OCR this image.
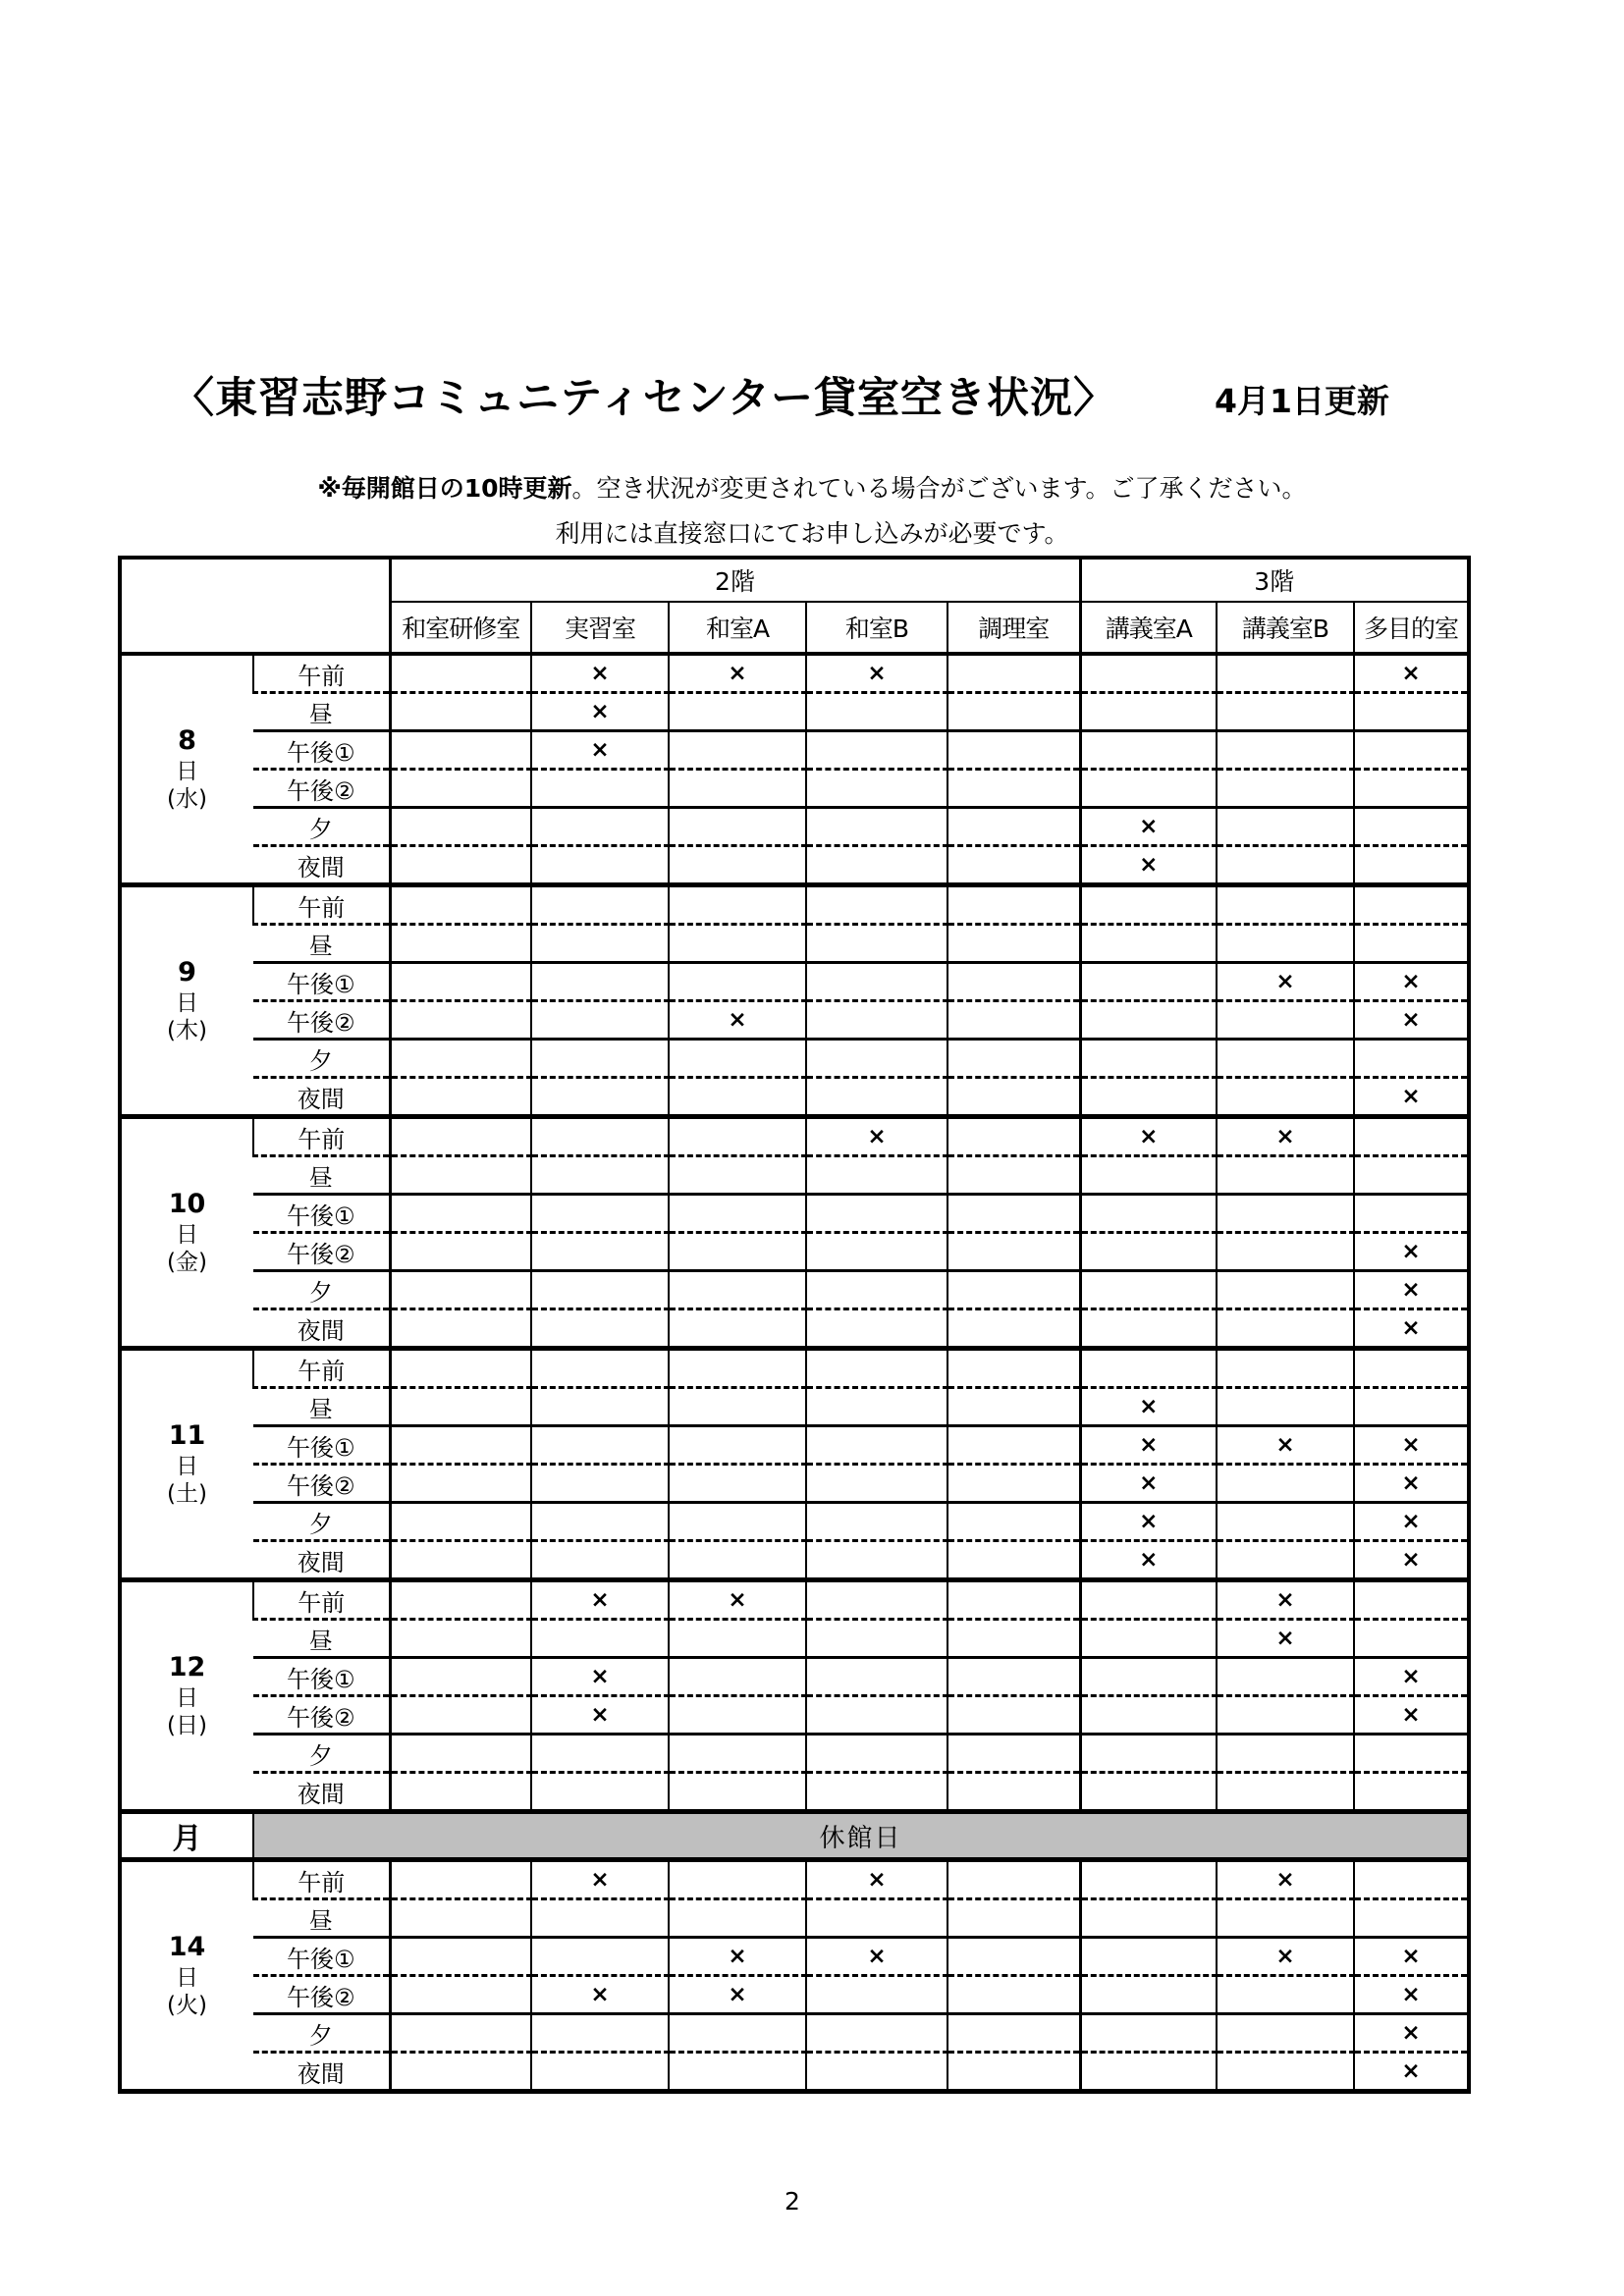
〈東習志野コミュニティセンター貸室空き状況〉	4月1日更新
※毎開館日の10時更新。空き状況が変更されている場合がございます。ご了承ください。
利用には直接窓口にてお申し込みが必要です。
		2階					3階		
		和室研修室	実習室	和室A	和室B	調理室	講義室A	講義室B	多目的室

8
日
(水)	午前		×	×	×				×
	昼		×						
	午後①		×						
	午後②								
	夕						×		
	夜間						×		

9
日
(木)	午前								
	昼								
	午後①							×	×
	午後②			×					×
	夕								
	夜間								×

10
日
(金)	午前				×		×	×	
	昼								
	午後①								
	午後②								×
	夕								×
	夜間								×

11
日
(土)	午前								
	昼						×		
	午後①						×	×	×
	午後②						×		×
	夕						×		×
	夜間						×		×

12
日
(日)	午前		×	×				×	
	昼							×	
	午後①		×						×
	午後②		×						×
	夕								
	夜間								
月	休館日								

14
日
(火)	午前		×		×			×	
	昼								
	午後①			×	×			×	×
	午後②		×	×					×
	夕								×
	夜間								×
2
